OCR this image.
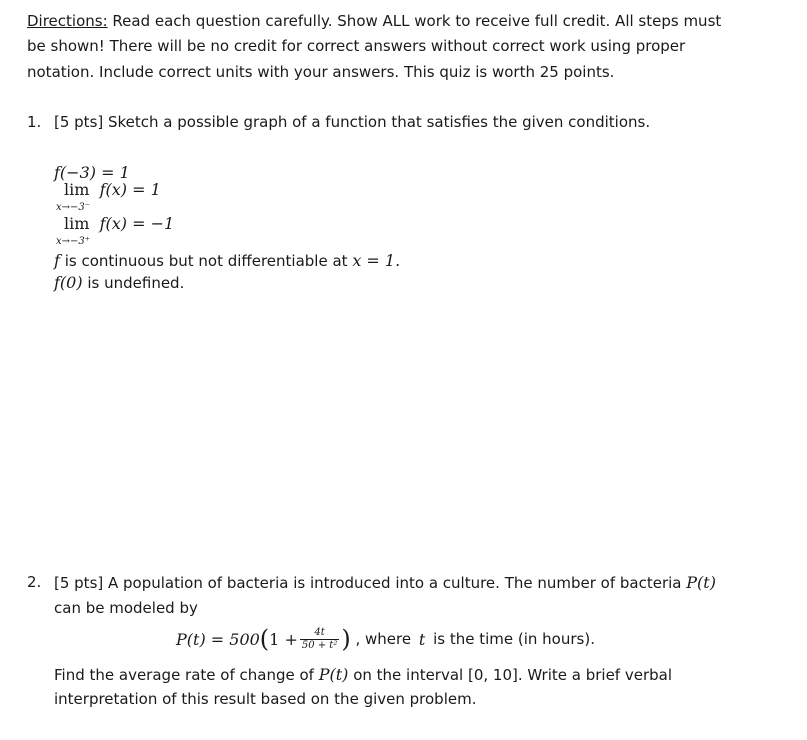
Directions: Read each question carefully. Show ALL work to receive full credit. All steps must
be shown! There will be no credit for correct answers without correct work using proper
notation. Include correct units with your answers. This quiz is worth 25 points.
1. [5 pts] Sketch a possible graph of a function that satisfies the given conditions.
f(−3) = 1
lim f(x) = 1
x→−3⁻
lim f(x) = −1
x→−3⁺
f is continuous but not differentiable at x = 1.
f(0) is undefined.
2. [5 pts] A population of bacteria is introduced into a culture. The number of bacteria P(t)
can be modeled by
P(t) = 500 ( $1 + \frac{4t}{\text{50 + t²}}$ ) , where t is the time (in hours).
Find the average rate of change of P(t) on the interval [0, 10]. Write a brief verbal
interpretation of this result based on the given problem.
